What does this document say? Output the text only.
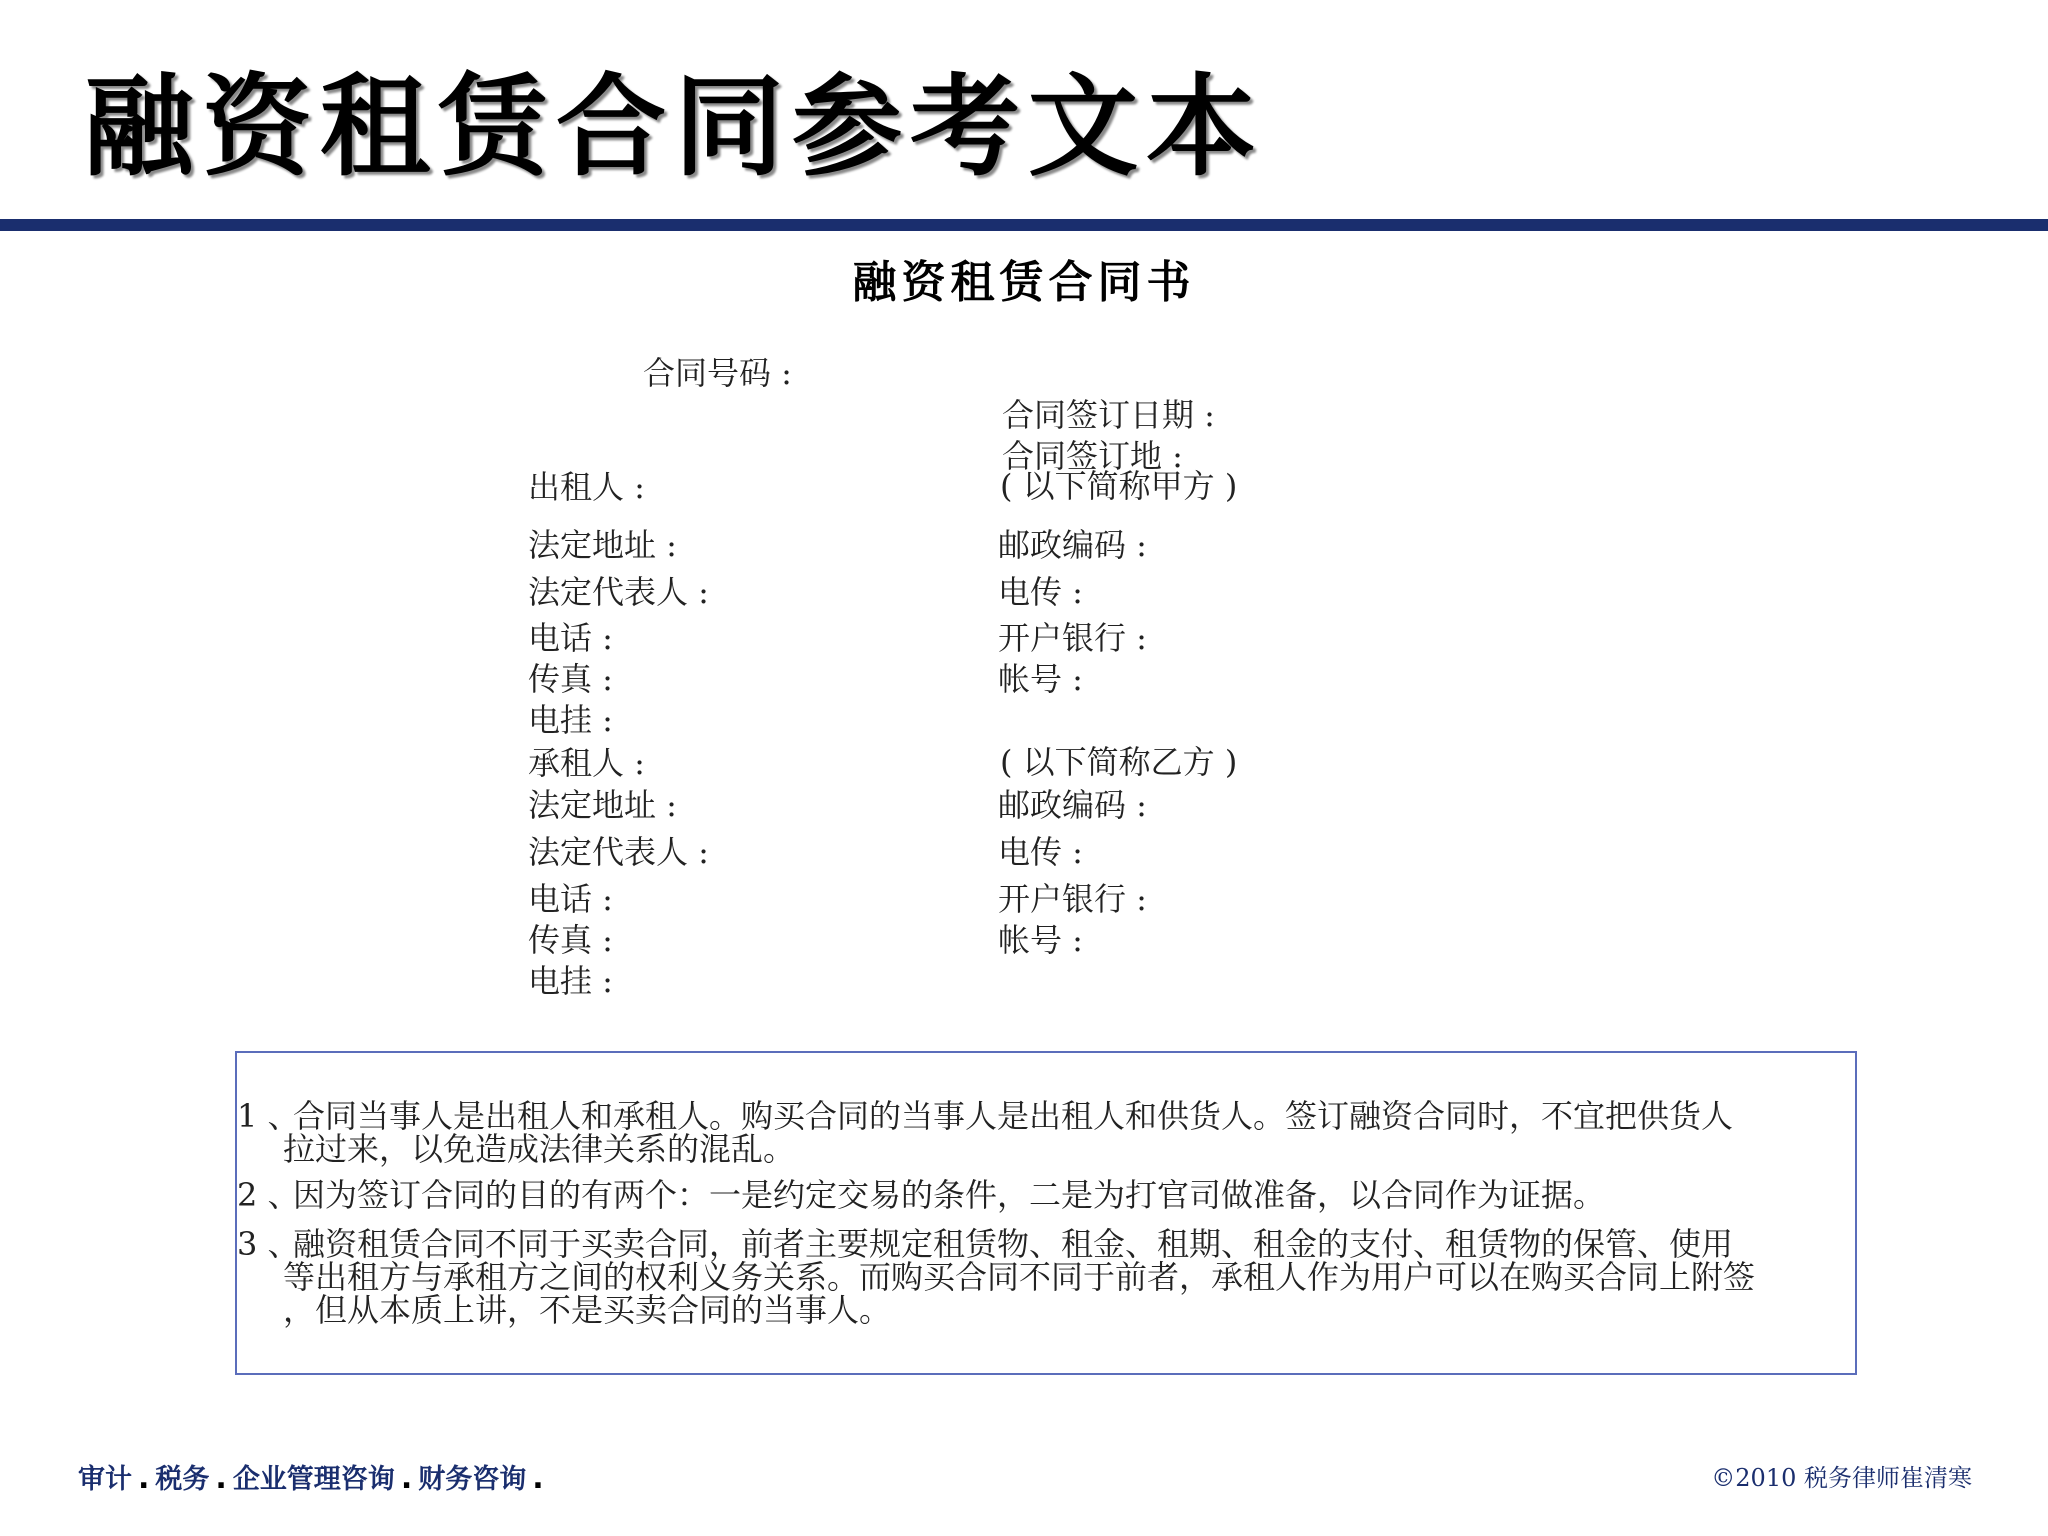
融资租赁合同参考文本
融资租赁合同书
合同号码 :
合同签订日期 :
合同签订地 :
出租人 :	( 以下简称甲方 )
法定地址 :	邮政编码 :
法定代表人 :	电传 :
电话 :	开户银行 :
传真 :	帐号 :
电挂 :
承租人 :	( 以下简称乙方 )
法定地址 :	邮政编码 :
法定代表人 :	电传 :
电话 :	开户银行 :
传真 :	帐号 :
电挂 :
1 、合同当事人是出租人和承租人。购买合同的当事人是出租人和供货人。签订融资合同时，不宜把供货人
拉过来，以免造成法律关系的混乱。
2 、因为签订合同的目的有两个：一是约定交易的条件，二是为打官司做准备，以合同作为证据。
3 、融资租赁合同不同于买卖合同，前者主要规定租赁物、租金、租期、租金的支付、租赁物的保管、使用
等出租方与承租方之间的权利义务关系。而购买合同不同于前者，承租人作为用户可以在购买合同上附签
，但从本质上讲，不是买卖合同的当事人。
审计 . 税务 . 企业管理咨询 . 财务咨询 .	©2010 税务律师崔清寒
